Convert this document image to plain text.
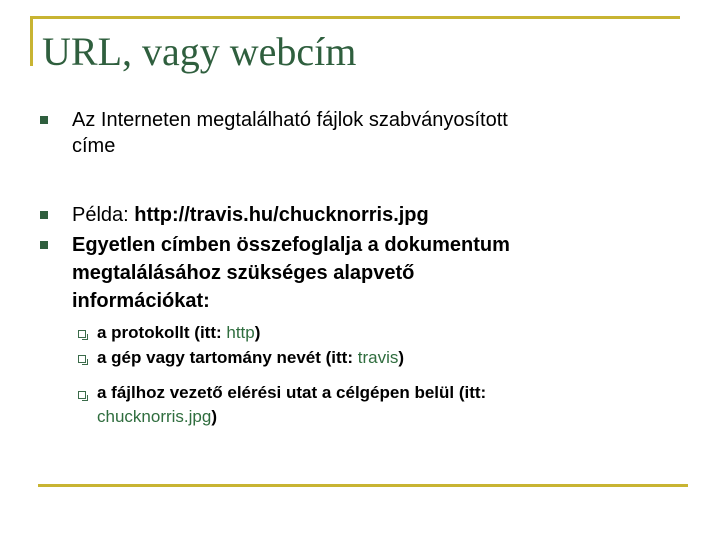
URL, vagy webcím
Az Interneten megtalálható fájlok szabványosított
címe
Példa: http://travis.hu/chucknorris.jpg
Egyetlen címben összefoglalja a dokumentum
megtalálásához szükséges alapvető
információkat:
a protokollt (itt: http)
a gép vagy tartomány nevét (itt: travis)
a fájlhoz vezető elérési utat a célgépen belül (itt:
chucknorris.jpg)
